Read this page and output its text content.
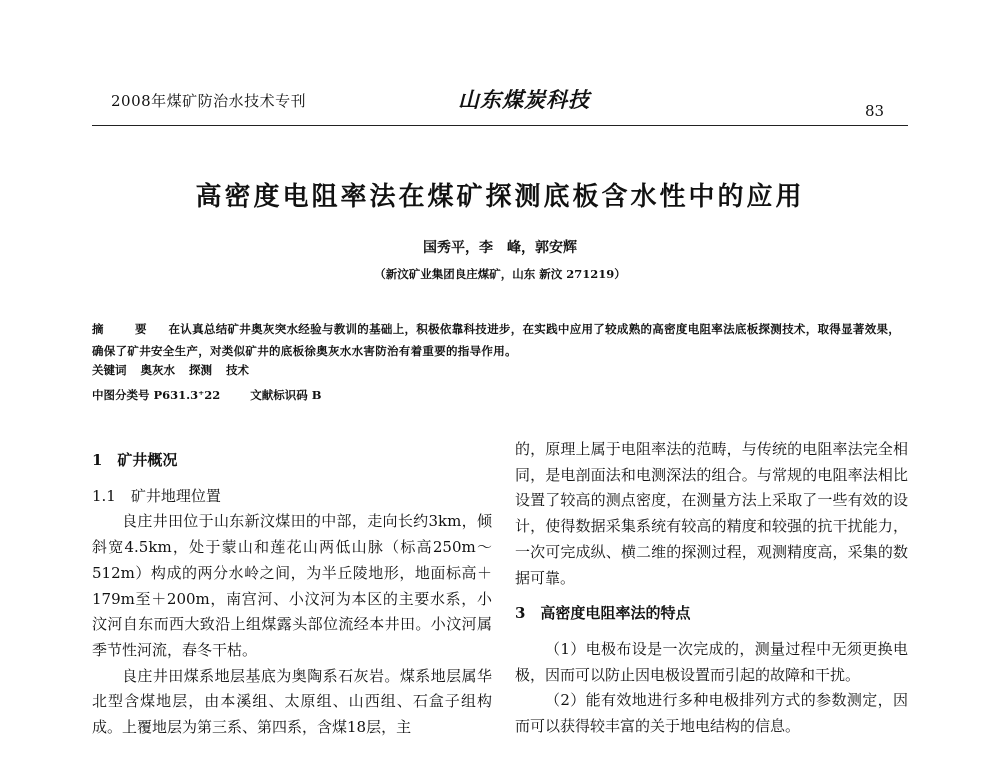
2008年煤矿防治水技术专刊	山东煤炭科技	83
高密度电阻率法在煤矿探测底板含水性中的应用
国秀平，李　峰，郭安辉
（新汶矿业集团良庄煤矿，山东 新汶 271219）
摘　要 在认真总结矿井奥灰突水经验与教训的基础上，积极依靠科技进步，在实践中应用了较成熟的高密度电阻率法底板探测技术，取得显著效果，确保了矿井安全生产，对类似矿井的底板徐奥灰水水害防治有着重要的指导作用。
关键词 奥灰水 探测 技术
中图分类号 P631.3⁺22	文献标识码 B

1　矿井概况

1.1　矿井地理位置

良庄井田位于山东新汶煤田的中部，走向长约3km，倾斜宽4.5km，处于蒙山和莲花山两低山脉（标高250m～512m）构成的两分水岭之间，为半丘陵地形，地面标高＋179m至＋200m，南宫河、小汶河为本区的主要水系，小汶河自东而西大致沿上组煤露头部位流经本井田。小汶河属季节性河流，春冬干枯。

良庄井田煤系地层基底为奥陶系石灰岩。煤系地层属华北型含煤地层，由本溪组、太原组、山西组、石盒子组构成。上覆地层为第三系、第四系，含煤18层，主

的，原理上属于电阻率法的范畴，与传统的电阻率法完全相同，是电剖面法和电测深法的组合。与常规的电阻率法相比设置了较高的测点密度，在测量方法上采取了一些有效的设计，使得数据采集系统有较高的精度和较强的抗干扰能力，一次可完成纵、横二维的探测过程，观测精度高，采集的数据可靠。

3　高密度电阻率法的特点

（1）电极布设是一次完成的，测量过程中无须更换电极，因而可以防止因电极设置而引起的故障和干扰。

（2）能有效地进行多种电极排列方式的参数测定，因而可以获得较丰富的关于地电结构的信息。
